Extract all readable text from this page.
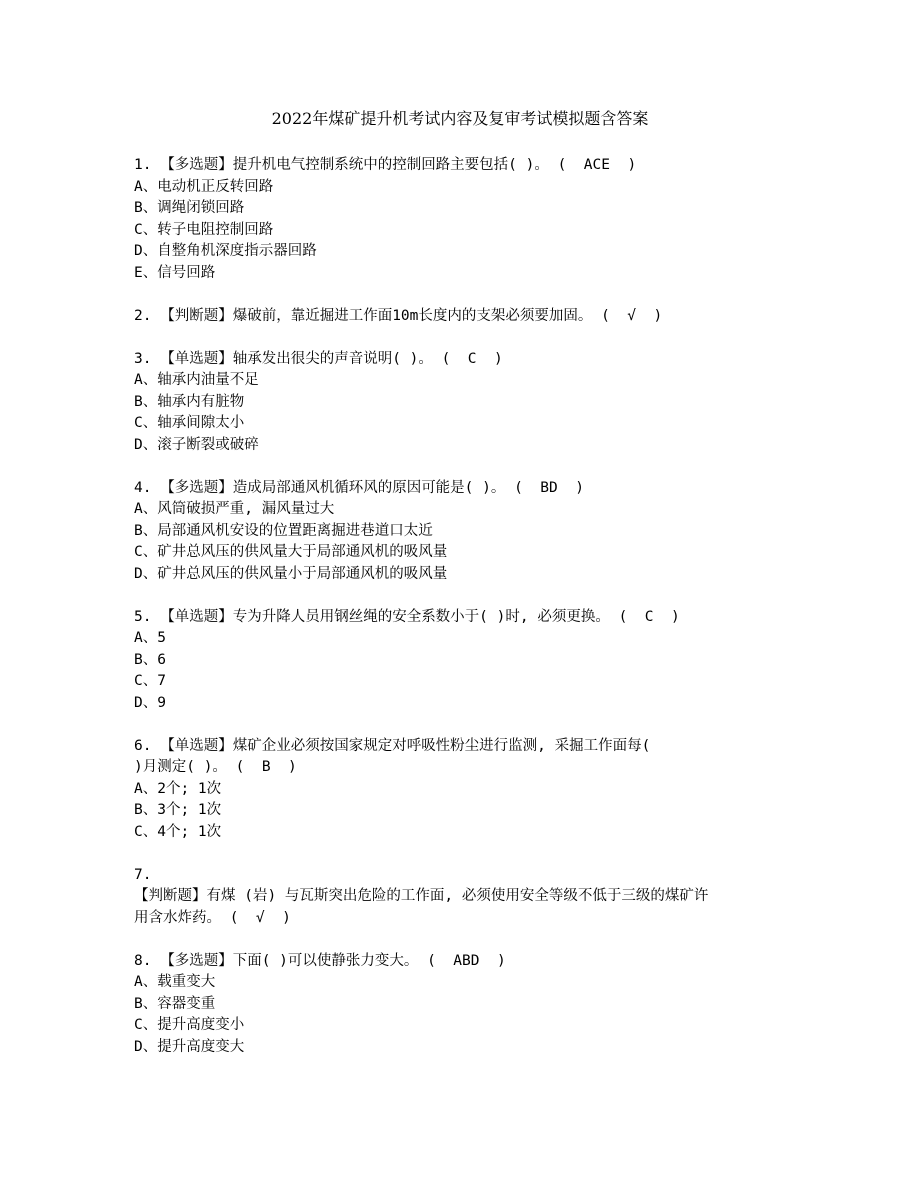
2022年煤矿提升机考试内容及复审考试模拟题含答案
1. 【多选题】提升机电气控制系统中的控制回路主要包括( )。 (  ACE  )
A、电动机正反转回路
B、调绳闭锁回路
C、转子电阻控制回路
D、自整角机深度指示器回路
E、信号回路
2. 【判断题】爆破前，靠近掘进工作面10m长度内的支架必须要加固。 (  √  )
3. 【单选题】轴承发出很尖的声音说明( )。 (  C  )
A、轴承内油量不足
B、轴承内有脏物
C、轴承间隙太小
D、滚子断裂或破碎
4. 【多选题】造成局部通风机循环风的原因可能是( )。 (  BD  )
A、风筒破损严重, 漏风量过大
B、局部通风机安设的位置距离掘进巷道口太近
C、矿井总风压的供风量大于局部通风机的吸风量
D、矿井总风压的供风量小于局部通风机的吸风量
5. 【单选题】专为升降人员用钢丝绳的安全系数小于( )时, 必须更换。 (  C  )
A、5
B、6
C、7
D、9
6. 【单选题】煤矿企业必须按国家规定对呼吸性粉尘进行监测, 采掘工作面每(
)月测定( )。 (  B  )
A、2个; 1次
B、3个; 1次
C、4个; 1次
7.
【判断题】有煤 (岩) 与瓦斯突出危险的工作面, 必须使用安全等级不低于三级的煤矿许
用含水炸药。 (  √  )
8. 【多选题】下面( )可以使静张力变大。 (  ABD  )
A、载重变大
B、容器变重
C、提升高度变小
D、提升高度变大
